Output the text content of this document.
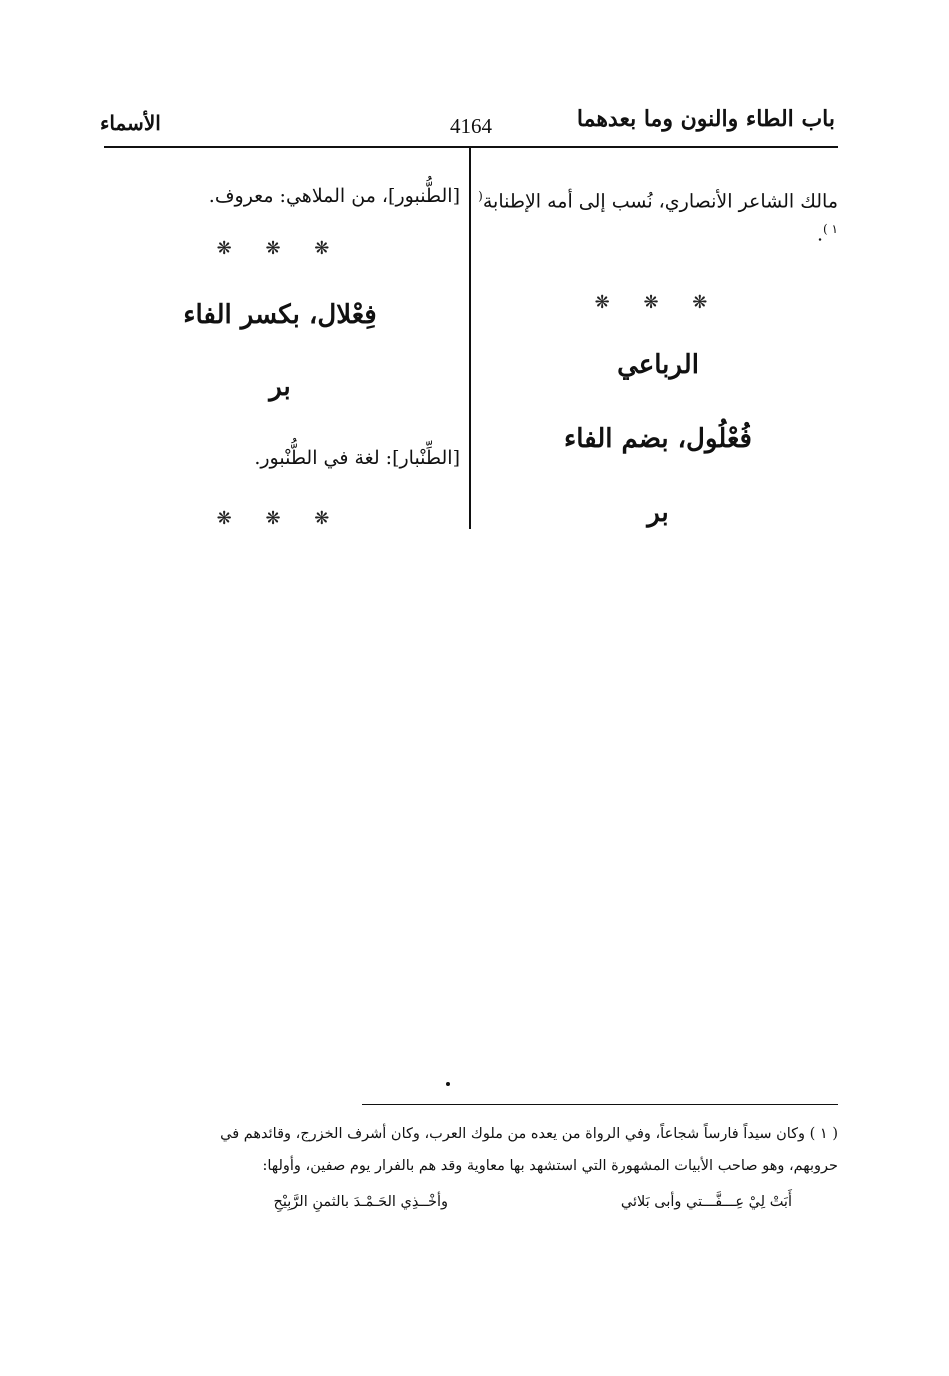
باب الطاء والنون وما بعدهما
4164
الأسماء
مالك الشاعر الأنصاري، نُسب إلى أمه الإطنابة$^{( ١ )}$.
❋ ❋ ❋
الرباعي
فُعْلُول، بضم الفاء
بر
[الطُّنبور]، من الملاهي: معروف.
❋ ❋ ❋
فِعْلال، بكسر الفاء
بر
[الطِّنْبار]: لغة في الطُّنْبور.
❋ ❋ ❋
( ١ ) وكان سيداً فارساً شجاعاً، وفي الرواة من يعده من ملوك العرب، وكان أشرف الخزرج، وقائدهم في
حروبهم، وهو صاحب الأبيات المشهورة التي استشهد بها معاوية وقد هم بالفرار يوم صفين، وأولها:
أَبَتْ لِيْ عِـــفَّـــتي وأبى بَلائي
وأخْــذِي الحَـمْـدَ بالثمنِ الرَّبِيْحِ
